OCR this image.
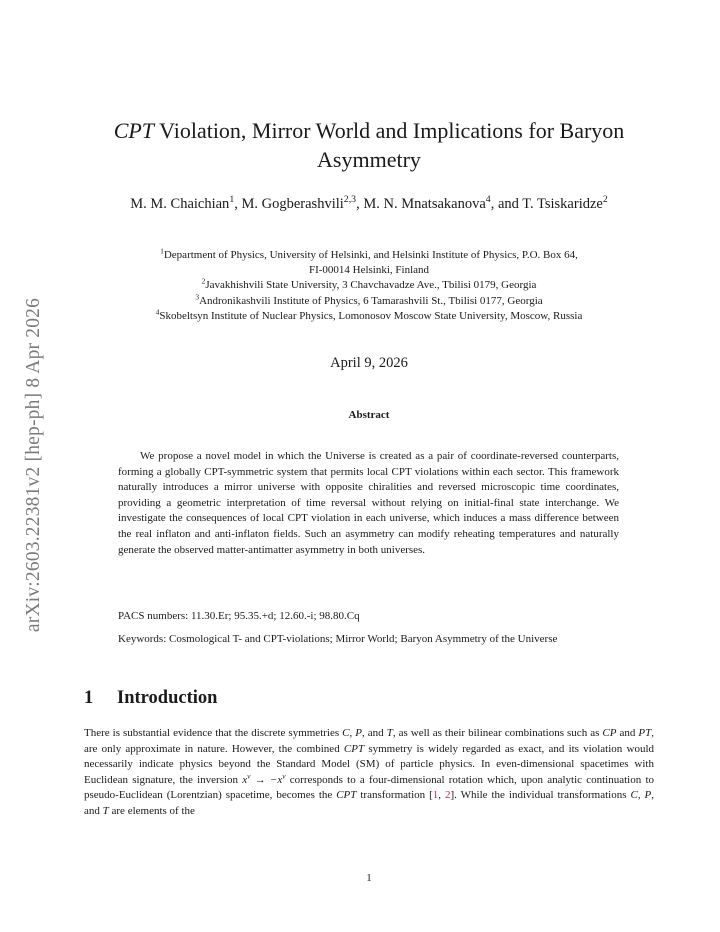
arXiv:2603.22381v2 [hep-ph] 8 Apr 2026
CPT Violation, Mirror World and Implications for Baryon Asymmetry
M. M. Chaichian$^1$, M. Gogberashvili$^{2,3}$, M. N. Mnatsakanova$^4$, and T. Tsiskaridze$^2$
$^1$Department of Physics, University of Helsinki, and Helsinki Institute of Physics, P.O. Box 64,
FI-00014 Helsinki, Finland
$^2$Javakhishvili State University, 3 Chavchavadze Ave., Tbilisi 0179, Georgia
$^3$Andronikashvili Institute of Physics, 6 Tamarashvili St., Tbilisi 0177, Georgia
$^4$Skobeltsyn Institute of Nuclear Physics, Lomonosov Moscow State University, Moscow, Russia
April 9, 2026
Abstract

We propose a novel model in which the Universe is created as a pair of coordinate-reversed counterparts, forming a globally CPT-symmetric system that permits local CPT violations within each sector. This framework naturally introduces a mirror universe with opposite chiralities and reversed microscopic time coordinates, providing a geometric interpretation of time reversal without relying on initial-final state interchange. We investigate the consequences of local CPT violation in each universe, which induces a mass difference between the real inflaton and anti-inflaton fields. Such an asymmetry can modify reheating temperatures and naturally generate the observed matter-antimatter asymmetry in both universes.

PACS numbers: 11.30.Er; 95.35.+d; 12.60.-i; 98.80.Cq
Keywords: Cosmological T- and CPT-violations; Mirror World; Baryon Asymmetry of the Universe
1 Introduction

There is substantial evidence that the discrete symmetries C, P, and T, as well as their bilinear combinations such as CP and PT, are only approximate in nature. However, the combined CPT symmetry is widely regarded as exact, and its violation would necessarily indicate physics beyond the Standard Model (SM) of particle physics. In even-dimensional spacetimes with Euclidean signature, the inversion $x^\nu \to -x^\nu$ corresponds to a four-dimensional rotation which, upon analytic continuation to pseudo-Euclidean (Lorentzian) spacetime, becomes the CPT transformation [1, 2]. While the individual transformations C, P, and T are elements of the

1
